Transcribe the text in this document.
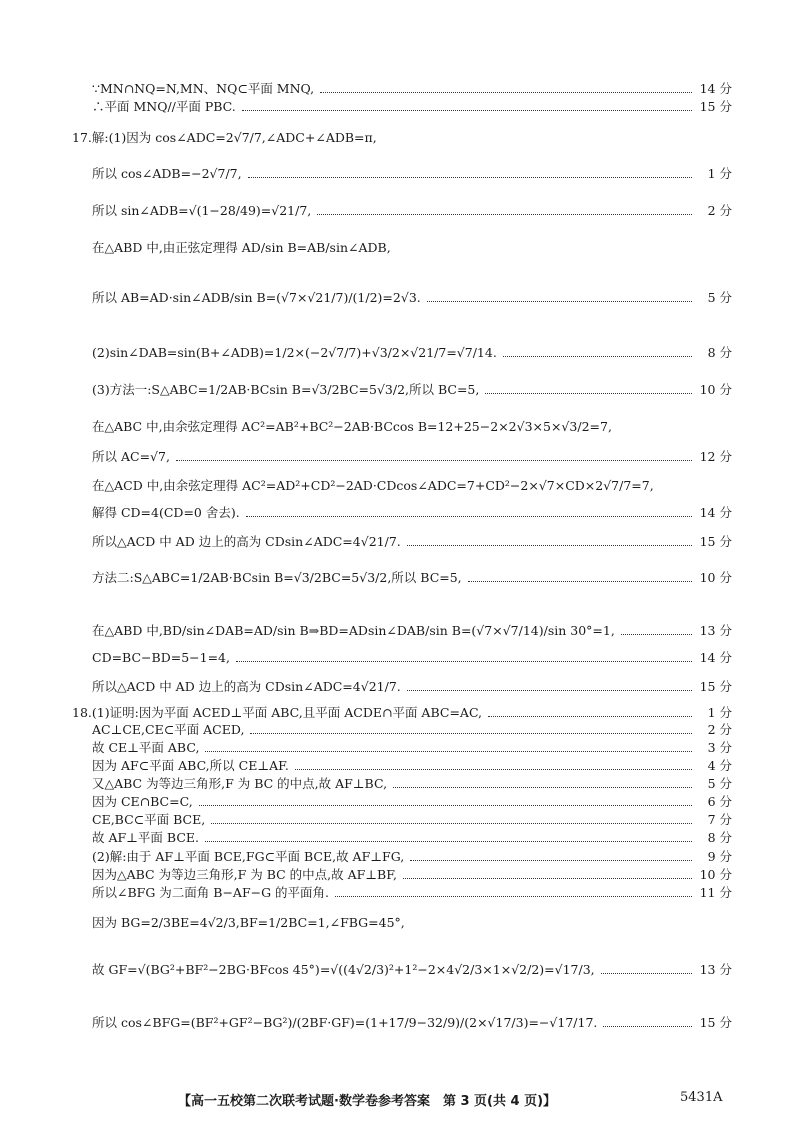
∵MN∩NQ=N,MN、NQ⊂平面 MNQ,	14 分
∴平面 MNQ//平面 PBC.	15 分
17.解:(1)因为 cos∠ADC=2√7/7,∠ADC+∠ADB=π,
所以 cos∠ADB=−2√7/7,	1 分
所以 sin∠ADB=√(1−28/49)=√21/7,	2 分
在△ABD 中,由正弦定理得 AD/sin B=AB/sin∠ADB,
所以 AB=AD·sin∠ADB/sin B=(√7×√21/7)/(1/2)=2√3.	5 分
(2)sin∠DAB=sin(B+∠ADB)=1/2×(−2√7/7)+√3/2×√21/7=√7/14.	8 分
(3)方法一:S△ABC=1/2AB·BCsin B=√3/2BC=5√3/2,所以 BC=5,	10 分
在△ABC 中,由余弦定理得 AC²=AB²+BC²−2AB·BCcos B=12+25−2×2√3×5×√3/2=7,
所以 AC=√7,	12 分
在△ACD 中,由余弦定理得 AC²=AD²+CD²−2AD·CDcos∠ADC=7+CD²−2×√7×CD×2√7/7=7,
解得 CD=4(CD=0 舍去).	14 分
所以△ACD 中 AD 边上的高为 CDsin∠ADC=4√21/7.	15 分
方法二:S△ABC=1/2AB·BCsin B=√3/2BC=5√3/2,所以 BC=5,	10 分
在△ABD 中,BD/sin∠DAB=AD/sin B⇒BD=ADsin∠DAB/sin B=(√7×√7/14)/sin 30°=1,	13 分
CD=BC−BD=5−1=4,	14 分
所以△ACD 中 AD 边上的高为 CDsin∠ADC=4√21/7.	15 分
18.(1)证明:因为平面 ACED⊥平面 ABC,且平面 ACDE∩平面 ABC=AC,	1 分
AC⊥CE,CE⊂平面 ACED,	2 分
故 CE⊥平面 ABC,	3 分
因为 AF⊂平面 ABC,所以 CE⊥AF.	4 分
又△ABC 为等边三角形,F 为 BC 的中点,故 AF⊥BC,	5 分
因为 CE∩BC=C,	6 分
CE,BC⊂平面 BCE,	7 分
故 AF⊥平面 BCE.	8 分
(2)解:由于 AF⊥平面 BCE,FG⊂平面 BCE,故 AF⊥FG,	9 分
因为△ABC 为等边三角形,F 为 BC 的中点,故 AF⊥BF,	10 分
所以∠BFG 为二面角 B−AF−G 的平面角.	11 分
因为 BG=2/3BE=4√2/3,BF=1/2BC=1,∠FBG=45°,
故 GF=√(BG²+BF²−2BG·BFcos 45°)=√((4√2/3)²+1²−2×4√2/3×1×√2/2)=√17/3,	13 分
所以 cos∠BFG=(BF²+GF²−BG²)/(2BF·GF)=(1+17/9−32/9)/(2×√17/3)=−√17/17.	15 分
【高一五校第二次联考试题·数学卷参考答案　第 3 页(共 4 页)】	5431A
